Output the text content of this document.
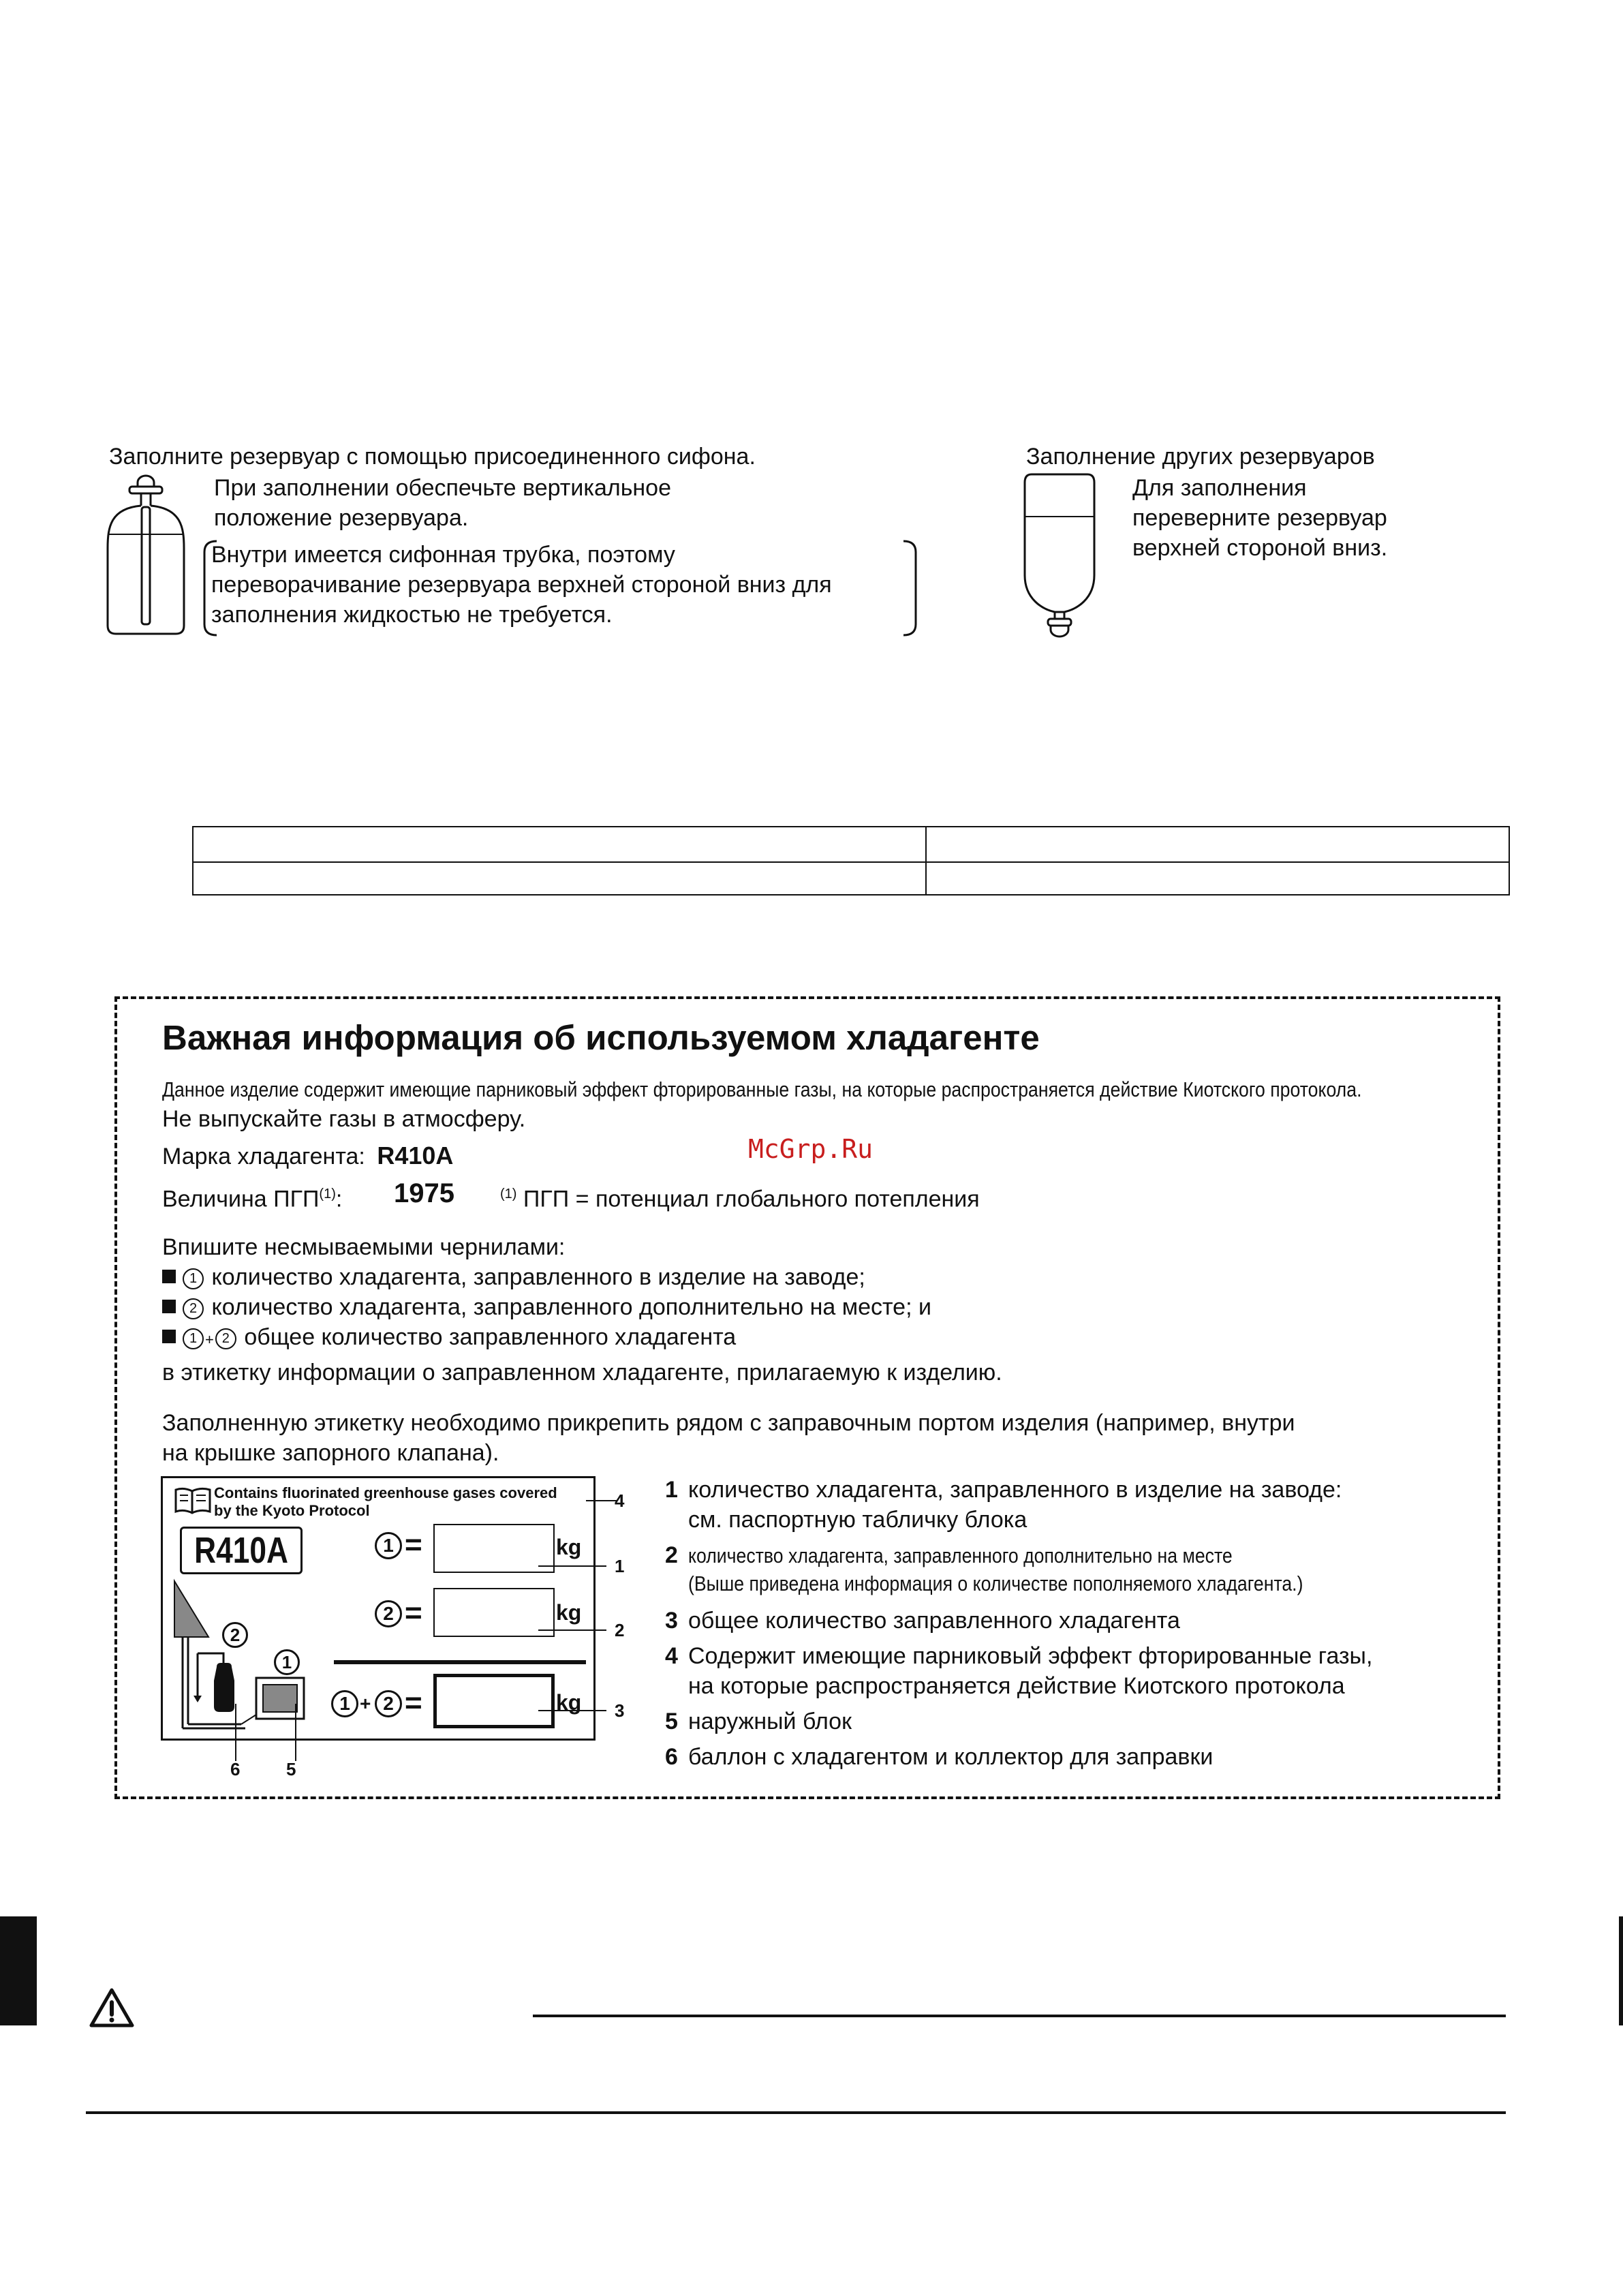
Заполните резервуар с помощью присоединенного сифона.
При заполнении обеспечьте вертикальное
положение резервуара.
Внутри имеется сифонная трубка, поэтому
переворачивание резервуара верхней стороной вниз для
заполнения жидкостью не требуется.
Заполнение других резервуаров
Для заполнения
переверните резервуар
верхней стороной вниз.
Важная информация об используемом хладагенте
Данное изделие содержит имеющие парниковый эффект фторированные газы, на которые распространяется действие Киотского протокола.
Не выпускайте газы в атмосферу.
Марка хладагента: R410A	McGrp.Ru
Величина ПГП$^{(1)}$: 1975	$^{(1)}$ ПГП = потенциал глобального потепления
Впишите несмываемыми чернилами:
1 количество хладагента, заправленного в изделие на заводе;
2 количество хладагента, заправленного дополнительно на месте; и
1 + 2 общее количество заправленного хладагента
в этикетку информации о заправленном хладагенте, прилагаемую к изделию.
Заполненную этикетку необходимо прикрепить рядом с заправочным портом изделия (например, внутри
на крышке запорного клапана).
Contains fluorinated greenhouse gases covered
by the Kyoto Protocol
R410A	1 =	kg
2 =	kg
1 + 2 =	kg
2
1
4
1
2
3
6	5
1 количество хладагента, заправленного в изделие на заводе:
см. паспортную табличку блока
2 количество хладагента, заправленного дополнительно на месте
(Выше приведена информация о количестве пополняемого хладагента.)
3 общее количество заправленного хладагента
4 Содержит имеющие парниковый эффект фторированные газы,
на которые распространяется действие Киотского протокола
5 наружный блок
6 баллон с хладагентом и коллектор для заправки
